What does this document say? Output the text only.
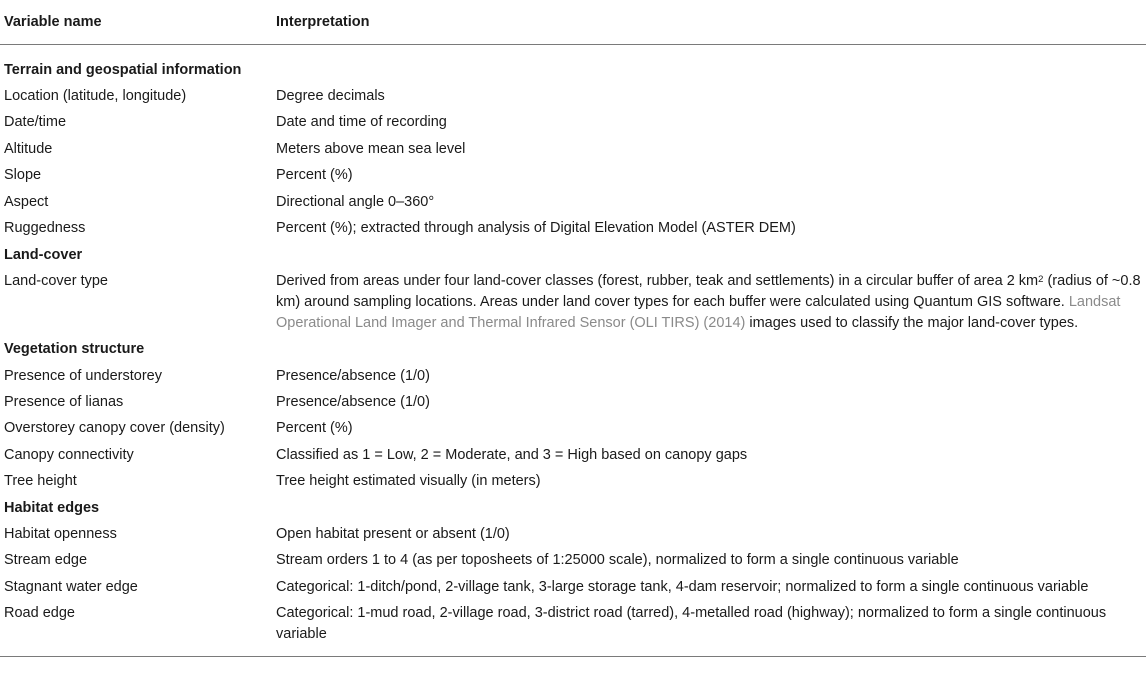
Variable name	Interpretation
Terrain and geospatial information
Location (latitude, longitude)	Degree decimals
Date/time	Date and time of recording
Altitude	Meters above mean sea level
Slope	Percent (%)
Aspect	Directional angle 0–360°
Ruggedness	Percent (%); extracted through analysis of Digital Elevation Model (ASTER DEM)
Land-cover
Land-cover type	Derived from areas under four land-cover classes (forest, rubber, teak and settlements) in a circular buffer of area 2 $km^2$ (radius of ~0.8 km) around sampling locations. Areas under land cover types for each buffer were calculated using Quantum GIS software. Landsat Operational Land Imager and Thermal Infrared Sensor (OLI TIRS) (2014) images used to classify the major land-cover types.
Vegetation structure
Presence of understorey	Presence/absence (1/0)
Presence of lianas	Presence/absence (1/0)
Overstorey canopy cover (density)	Percent (%)
Canopy connectivity	Classified as 1 = Low, 2 = Moderate, and 3 = High based on canopy gaps
Tree height	Tree height estimated visually (in meters)
Habitat edges
Habitat openness	Open habitat present or absent (1/0)
Stream edge	Stream orders 1 to 4 (as per toposheets of 1:25000 scale), normalized to form a single continuous variable
Stagnant water edge	Categorical: 1-ditch/pond, 2-village tank, 3-large storage tank, 4-dam reservoir; normalized to form a single continuous variable
Road edge	Categorical: 1-mud road, 2-village road, 3-district road (tarred), 4-metalled road (highway); normalized to form a single continuous variable
